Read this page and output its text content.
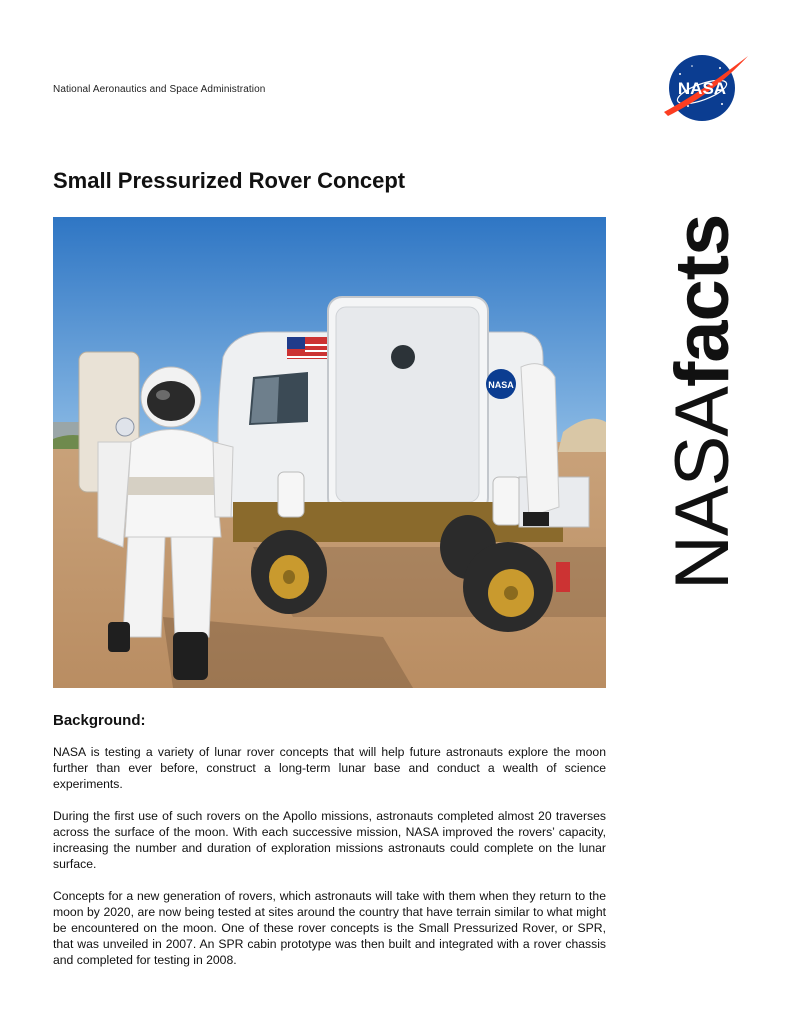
National Aeronautics and Space Administration	NASA
NASAfacts
Small Pressurized Rover Concept
NASA
Background:

NASA is testing a variety of lunar rover concepts that will help future astronauts explore the moon further than ever before, construct a long-term lunar base and conduct a wealth of science experiments.

During the first use of such rovers on the Apollo missions, astronauts completed almost 20 traverses across the surface of the moon. With each successive mission, NASA improved the rovers’ capacity, increasing the number and duration of exploration missions astronauts could complete on the lunar surface.

Concepts for a new generation of rovers, which astronauts will take with them when they return to the moon by 2020, are now being tested at sites around the country that have terrain similar to what might be encountered on the moon. One of these rover concepts is the Small Pressurized Rover, or SPR, that was unveiled in 2007. An SPR cabin prototype was then built and integrated with a rover chassis and completed for testing in 2008.
